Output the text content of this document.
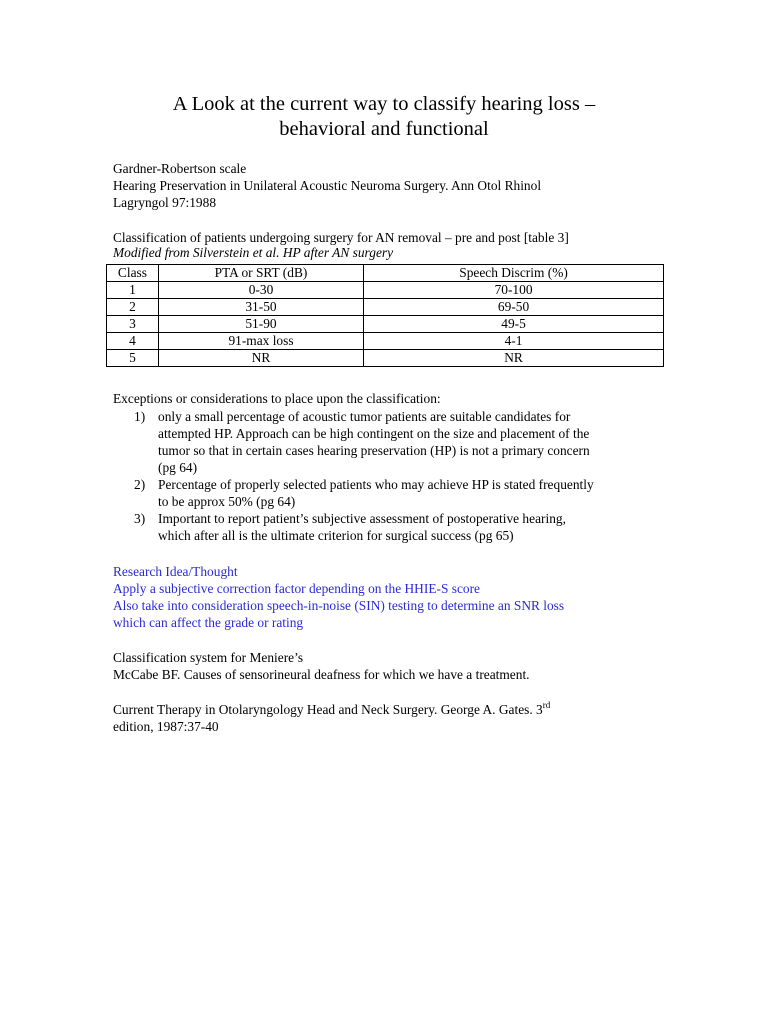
A Look at the current way to classify hearing loss –
behavioral and functional
Gardner-Robertson scale
Hearing Preservation in Unilateral Acoustic Neuroma Surgery. Ann Otol Rhinol
Lagryngol 97:1988
Classification of patients undergoing surgery for AN removal – pre and post [table 3]
Modified from Silverstein et al. HP after AN surgery
Class	PTA or SRT (dB)	Speech Discrim (%)
1	0-30	70-100
2	31-50	69-50
3	51-90	49-5
4	91-max loss	4-1
5	NR	NR
Exceptions or considerations to place upon the classification:
1) only a small percentage of acoustic tumor patients are suitable candidates for
attempted HP. Approach can be high contingent on the size and placement of the
tumor so that in certain cases hearing preservation (HP) is not a primary concern
(pg 64)
2) Percentage of properly selected patients who may achieve HP is stated frequently
to be approx 50% (pg 64)
3) Important to report patient’s subjective assessment of postoperative hearing,
which after all is the ultimate criterion for surgical success (pg 65)
Research Idea/Thought
Apply a subjective correction factor depending on the HHIE-S score
Also take into consideration speech-in-noise (SIN) testing to determine an SNR loss
which can affect the grade or rating
Classification system for Meniere’s
McCabe BF. Causes of sensorineural deafness for which we have a treatment.
Current Therapy in Otolaryngology Head and Neck Surgery. George A. Gates. 3rd
edition, 1987:37-40
